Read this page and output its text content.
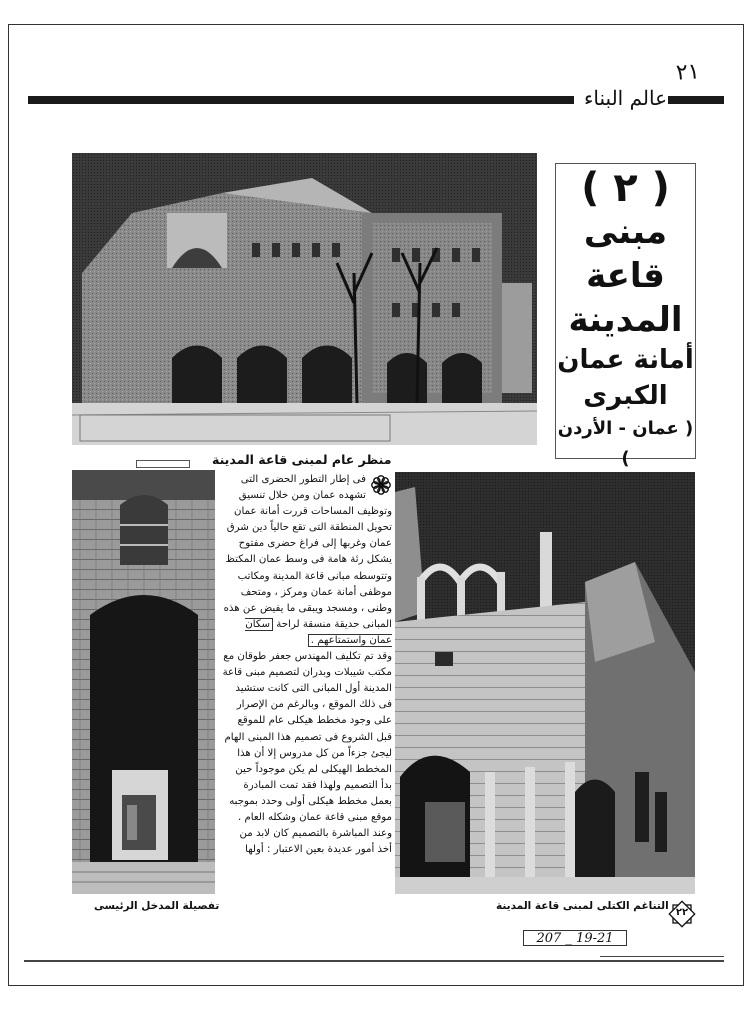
٢١
عالم البناء
( ٢ )
مبنى
قاعة
المدينة
أمانة عمان
الكبرى
( عمان - الأردن )
منظر عام لمبنى قاعة المدينة

فى إطار التطور الحضرى التى تشهده عمان ومن خلال تنسيق وتوظيف المساحات قررت أمانة عمان تحويل المنطقة التى تقع حالياً دين شرق عمان وغربها إلى فراغ حضرى مفتوح يشكل رئة هامة فى وسط عمان المكتظ وتتوسطه مبانى قاعة المدينة ومكاتب موظفى أمانة عمان ومركز ، ومتحف وطنى ، ومسجد ويبقى ما يفيض عن هذه المبانى حديقة منسقة لراحة سكان عمان واستمتاعهم .

وقد تم تكليف المهندس جعفر طوقان مع مكتب شيبلات وبدران لتصميم مبنى قاعة المدينة أول المبانى التى كانت ستشيد فى ذلك الموقع ، وبالرغم من الإصرار على وجود مخطط هيكلى عام للموقع قبل الشروع فى تصميم هذا المبنى الهام ليجئ جزءاً من كل مدروس إلا أن هذا المخطط الهيكلى لم يكن موجوداً حين بدأ التصميم ولهذا فقد تمت المبادرة بعمل مخطط هيكلى أولى وحدد بموجبه موقع مبنى قاعة عمان وشكله العام .

وعند المباشرة بالتصميم كان لابد من أخذ أمور عديدة بعين الاعتبار : أولها

تفصيلة المدخل الرئيسى	التناغم الكتلى لمبنى قاعة المدينة
٢٢
207 _ 19-21
